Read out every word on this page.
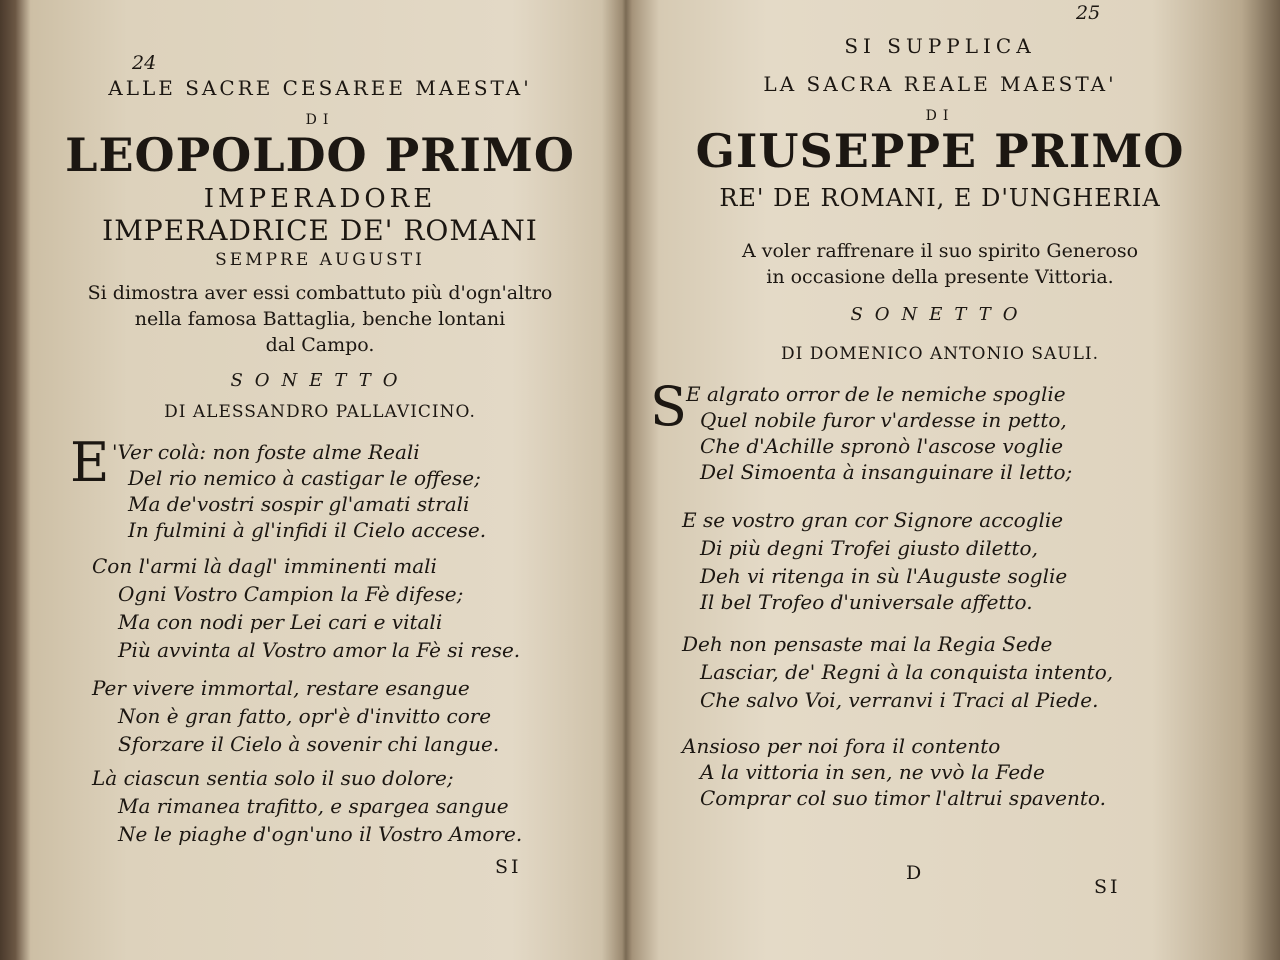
24
ALLE SACRE CESAREE MAESTA'
DI
LEOPOLDO PRIMO
IMPERADORE
IMPERADRICE DE' ROMANI
SEMPRE AUGUSTI
Si dimostra aver essi combattuto più d'ogn'altro
nella famosa Battaglia, benche lontani
dal Campo.
SONETTO
DI ALESSANDRO PALLAVICINO.
E 'Ver colà: non foste alme Reali
Del rio nemico à castigar le offese;
Ma de'vostri sospir gl'amati strali
In fulmini à gl'infidi il Cielo accese.
Con l'armi là dagl' imminenti mali
Ogni Vostro Campion la Fè difese;
Ma con nodi per Lei cari e vitali
Più avvinta al Vostro amor la Fè si rese.
Per vivere immortal, restare esangue
Non è gran fatto, opr'è d'invitto core
Sforzare il Cielo à sovenir chi langue.
Là ciascun sentia solo il suo dolore;
Ma rimanea trafitto, e spargea sangue
Ne le piaghe d'ogn'uno il Vostro Amore.
SI
25
SI SUPPLICA
LA SACRA REALE MAESTA'
DI
GIUSEPPE PRIMO
RE' DE ROMANI, E D'UNGHERIA
A voler raffrenare il suo spirito Generoso
in occasione della presente Vittoria.
SONETTO
DI DOMENICO ANTONIO SAULI.
S E algrato orror de le nemiche spoglie
Quel nobile furor v'ardesse in petto,
Che d'Achille spronò l'ascose voglie
Del Simoenta à insanguinare il letto;
E se vostro gran cor Signore accoglie
Di più degni Trofei giusto diletto,
Deh vi ritenga in sù l'Auguste soglie
Il bel Trofeo d'universale affetto.
Deh non pensaste mai la Regia Sede
Lasciar, de' Regni à la conquista intento,
Che salvo Voi, verranvi i Traci al Piede.
Ansioso per noi fora il contento
A la vittoria in sen, ne vvò la Fede
Comprar col suo timor l'altrui spavento.
D
SI
